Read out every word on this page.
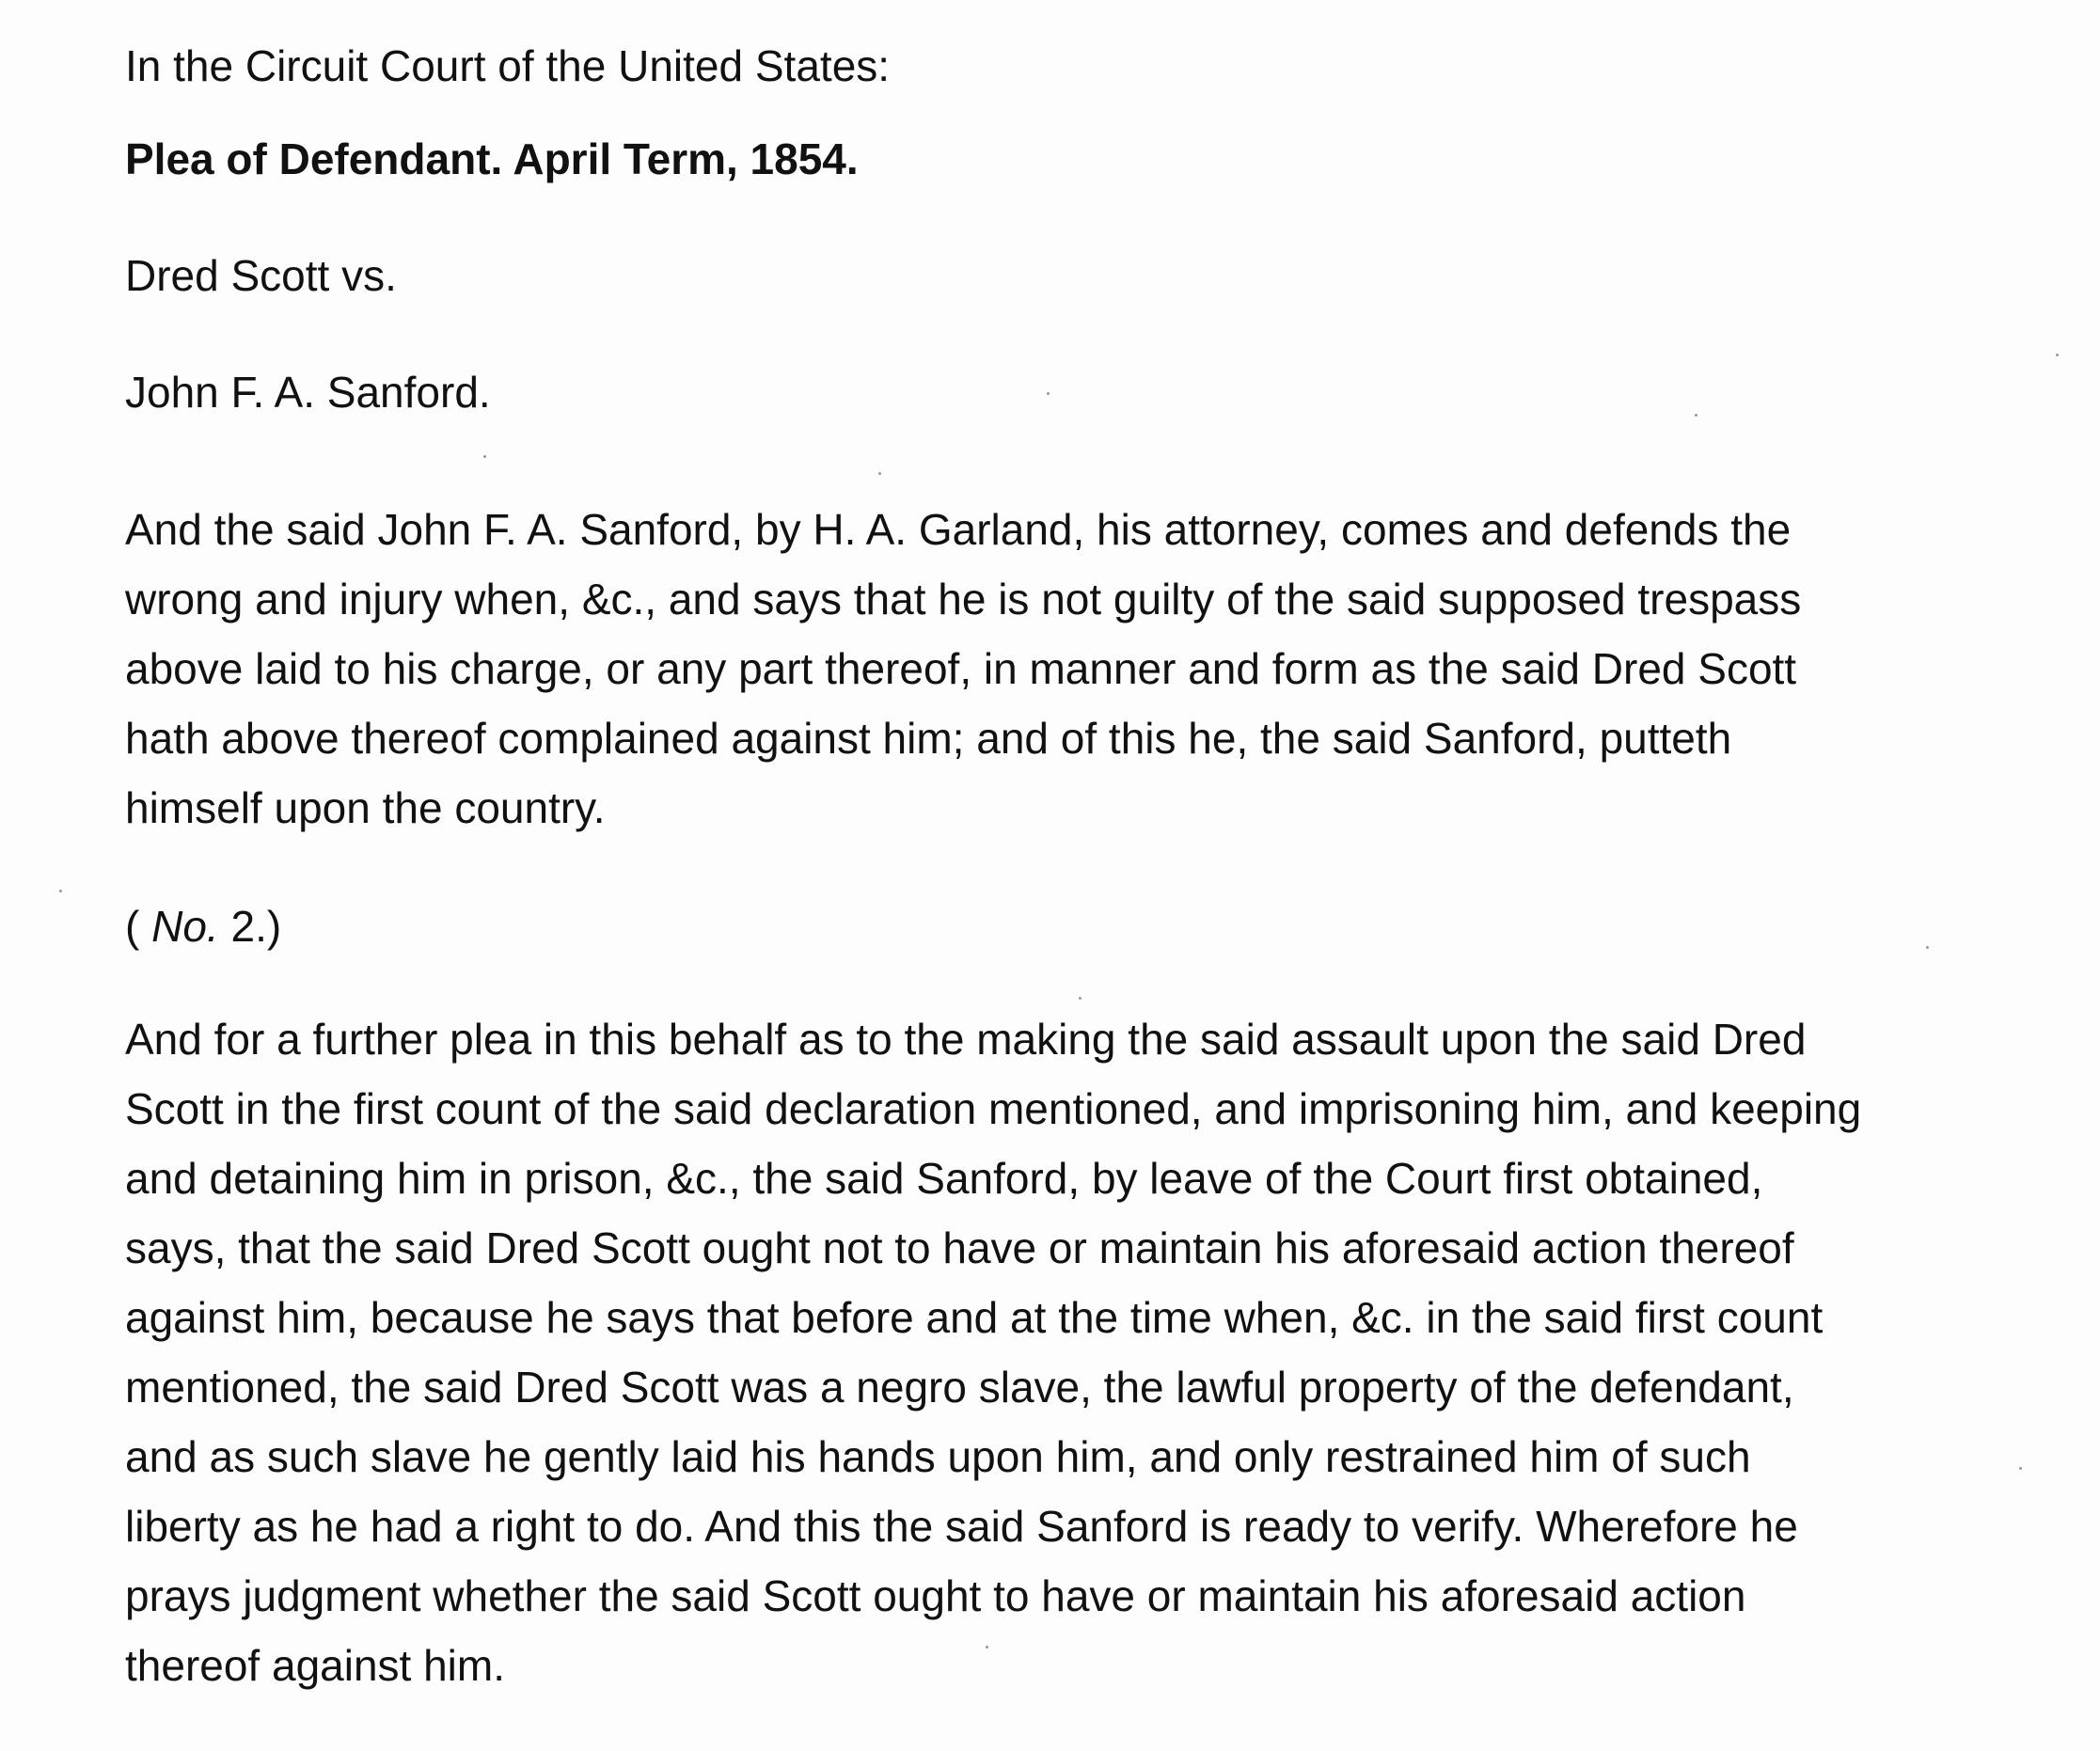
In the Circuit Court of the United States:

Plea of Defendant. April Term, 1854.

Dred Scott vs.

John F. A. Sanford.

And the said John F. A. Sanford, by H. A. Garland, his attorney, comes and defends the
wrong and injury when, &c., and says that he is not guilty of the said supposed trespass
above laid to his charge, or any part thereof, in manner and form as the said Dred Scott
hath above thereof complained against him; and of this he, the said Sanford, putteth
himself upon the country.

( No. 2.)

And for a further plea in this behalf as to the making the said assault upon the said Dred
Scott in the first count of the said declaration mentioned, and imprisoning him, and keeping
and detaining him in prison, &c., the said Sanford, by leave of the Court first obtained,
says, that the said Dred Scott ought not to have or maintain his aforesaid action thereof
against him, because he says that before and at the time when, &c. in the said first count
mentioned, the said Dred Scott was a negro slave, the lawful property of the defendant,
and as such slave he gently laid his hands upon him, and only restrained him of such
liberty as he had a right to do. And this the said Sanford is ready to verify. Wherefore he
prays judgment whether the said Scott ought to have or maintain his aforesaid action
thereof against him.
